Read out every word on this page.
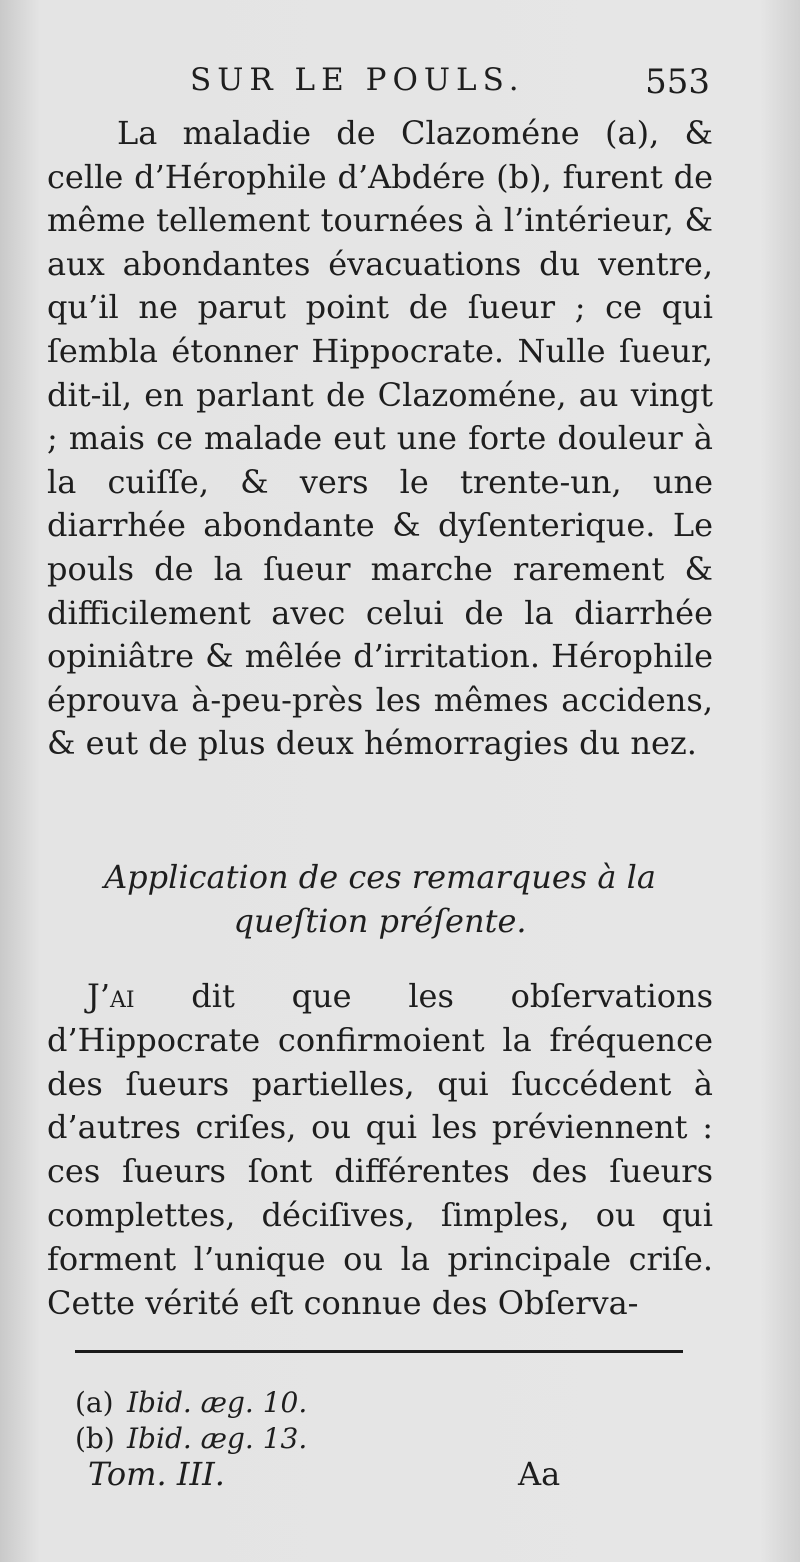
SUR LE POULS.	553

La maladie de Clazoméne (a), & celle d’Hérophile d’Abdére (b), furent de même tellement tournées à l’intérieur, & aux abondantes évacuations du ventre, qu’il ne parut point de ſueur ; ce qui ſembla étonner Hippocrate. Nulle ſueur, dit-il, en parlant de Clazoméne, au vingt ; mais ce malade eut une forte douleur à la cuiſſe, & vers le trente-un, une diarrhée abondante & dyſenterique. Le pouls de la ſueur marche rarement & difficilement avec celui de la diarrhée opiniâtre & mêlée d’irritation. Hérophile éprouva à-peu-près les mêmes accidens, & eut de plus deux hémorragies du nez.

Application de ces remarques à la queſtion préſente.
J’ai dit que les obſervations d’Hippocrate confirmoient la fréquence des ſueurs partielles, qui ſuccédent à d’autres criſes, ou qui les préviennent : ces ſueurs ſont différentes des ſueurs complettes, déciſives, ſimples, ou qui forment l’unique ou la principale criſe. Cette vérité eſt connue des Obſerva-
(a) Ibid. æg. 10.
(b) Ibid. æg. 13.
Tom. III.	Aa
